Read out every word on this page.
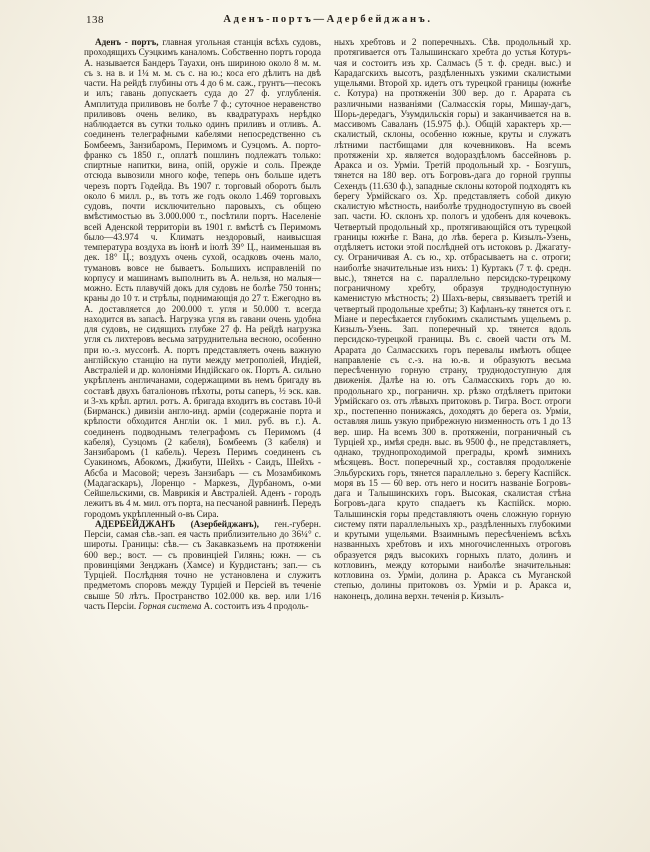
138	Аденъ-портъ—Адербейджанъ.

Аденъ - портъ, главная угольная станція всѣхъ судовъ, проходящихъ Суэцкимъ каналомъ. Собственно портъ города А. называется Бандеръ Тауахи, онъ шириною около 8 м. м. съ з. на в. и 1¼ м. м. съ с. на ю.; коса его дѣлитъ на двѣ части. На рейдѣ глубины отъ 4 до 6 м. саж., грунтъ—песокъ и илъ; гавань допускаетъ суда до 27 ф. углубленія. Амплитуда приливовъ не болѣе 7 ф.; суточное неравенство приливовъ очень велико, въ квадратурахъ нерѣдко наблюдается въ сутки только одинъ приливъ и отливъ. А. соединенъ телеграфными кабелями непосредственно съ Бомбеемъ, Занзибаромъ, Перимомъ и Суэцомъ. А. порто-франко съ 1850 г., оплатѣ пошлинъ подлежатъ только: спиртные напитки, вина, опій, оружіе и соль. Прежде отсюда вывозили много кофе, теперь онъ больше идетъ черезъ портъ Годейда. Въ 1907 г. торговый оборотъ былъ около 6 милл. р., въ тотъ же годъ около 1.469 торговыхъ судовъ, почти исключительно паровыхъ, съ общею вмѣстимостью въ 3.000.000 т., посѣтили портъ. Населеніе всей Аденской территоріи въ 1901 г. вмѣстѣ съ Перимомъ было—43.974 ч. Климатъ нездоровый, наивысшая температура воздуха въ іюнѣ и іюлѣ 39° Ц., наименьшая въ дек. 18° Ц.; воздухъ очень сухой, осадковъ очень мало, тумановъ вовсе не бываетъ. Большихъ исправленій по корпусу и машинамъ выполнить въ А. нельзя, но малыя—можно. Есть плавучій докъ для судовъ не болѣе 750 тоннъ; краны до 10 т. и стрѣлы, поднимающія до 27 т. Ежегодно въ А. доставляется до 200.000 т. угля и 50.000 т. всегда находится въ запасѣ. Нагрузка угля въ гавани очень удобна для судовъ, не сидящихъ глубже 27 ф. На рейдѣ нагрузка угля съ лихтеровъ весьма затруднительна весною, особенно при ю.-з. муссонѣ. А. портъ представляетъ очень важную англійскую станцію на пути между метрополіей, Индіей, Австраліей и др. колоніями Индійскаго ок. Портъ А. сильно укрѣпленъ англичанами, содержащими въ немъ бригаду въ составѣ двухъ баталіоновъ пѣхоты, роты саперъ, ½ эск. кав. и 3-хъ крѣп. артил. ротъ. А. бригада входитъ въ составъ 10-й (Бирманск.) дивизіи англо-инд. арміи (содержаніе порта и крѣпости обходится Англіи ок. 1 мил. руб. въ г.). А. соединенъ подводнымъ телеграфомъ съ Перимомъ (4 кабеля), Суэцомъ (2 кабеля), Бомбеемъ (3 кабеля) и Занзибаромъ (1 кабель). Черезъ Перимъ соединенъ съ Суакиномъ, Абокомъ, Джибути, Шейхъ - Саидъ, Шейхъ - Абсба и Масовой; черезъ Занзибаръ — съ Мозамбикомъ (Мадагаскаръ), Лоренцо - Маркезъ, Дурбаномъ, о-ми Сейшельскими, св. Маврикія и Австраліей. Аденъ - городъ лежитъ въ 4 м. мил. отъ порта, на песчаной равнинѣ. Передъ городомъ укрѣпленный о-въ Сира.

АДЕРБЕЙДЖАНЪ (Азербейджанъ), ген.-губерн. Персіи, самая сѣв.-зап. ея часть приблизительно до 36¼° с. широты. Границы: сѣв.— съ Закавказьемъ на протяженіи 600 вер.; вост. — съ провинціей Гилянь; южн. — съ провинціями Зенджанъ (Хамсе) и Курдистанъ; зап.— съ Турціей. Послѣдняя точно не установлена и служитъ предметомъ споровъ между Турціей и Персіей въ теченіе свыше 50 лѣтъ. Пространство 102.000 кв. вер. или 1/16 часть Персіи. Горная система А. состоитъ изъ 4 продоль-

ныхъ хребтовъ и 2 поперечныхъ. Сѣв. продольный хр. протягивается отъ Талышинскаго хребта до устья Котуръ-чая и состоитъ изъ хр. Салмасъ (5 т. ф. средн. выс.) и Карадагскихъ высотъ, раздѣленныхъ узкими скалистыми ущельями. Второй хр. идетъ отъ турецкой границы (южнѣе с. Котура) на протяженіи 300 вер. до г. Арарата съ различными названіями (Салмасскія горы, Мишау-дагъ, Шорь-дередагъ, Узумдильскія горы) и заканчивается на в. массивомъ Саваланъ (15.975 ф.). Общій характеръ хр.— скалистый, склоны, особенно южные, круты и служатъ лѣтними пастбищами для кочевниковъ. На всемъ протяженіи хр. является водораздѣломъ бассейновъ р. Аракса и оз. Урміи. Третій продольный хр. - Бозгушъ, тянется на 180 вер. отъ Богровъ-дага до горной группы Сехендъ (11.630 ф.), западные склоны которой подходятъ къ берегу Урмійскаго оз. Хр. представляетъ собой дикую скалистую мѣстность, наиболѣе труднодоступную въ своей зап. части. Ю. склонъ хр. пологъ и удобенъ для кочевокъ. Четвертый продольный хр., протягивающійся отъ турецкой границы южнѣе г. Вана, до лѣв. берега р. Кизылъ-Узень, отдѣляетъ истоки этой послѣдней отъ истоковъ р. Джагату-су. Ограничивая А. съ ю., хр. отбрасываетъ на с. отроги; наиболѣе значительные изъ нихъ: 1) Куртакъ (7 т. ф. средн. выс.), тянется на с. параллельно персидско-турецкому пограничному хребту, образуя труднодоступную каменистую мѣстность; 2) Шахъ-веры, связываетъ третій и четвертый продольные хребты; 3) Кафланъ-ку тянется отъ г. Міане и пересѣкается глубокимъ скалистымъ ущельемъ р. Кизылъ-Узень. Зап. поперечный хр. тянется вдоль персидско-турецкой границы. Въ с. своей части отъ М. Арарата до Салмасскихъ горъ перевалы имѣютъ общее направленіе съ с.-з. на ю.-в. и образуютъ весьма пересѣченную горную страну, труднодоступную для движенія. Далѣе на ю. отъ Салмасскихъ горъ до ю. продольнаго хр., пограничн. хр. рѣзко отдѣляетъ притоки Урмійскаго оз. отъ лѣвыхъ притоковъ р. Тигра. Вост. отроги хр., постепенно понижаясь, доходятъ до берега оз. Урміи, оставляя лишь узкую прибрежную низменность отъ 1 до 13 вер. шир. На всемъ 300 в. протяженіи, пограничный съ Турціей хр., имѣя средн. выс. въ 9500 ф., не представляетъ, однако, труднопроходимой преграды, кромѣ зимнихъ мѣсяцевъ. Вост. поперечный хр., составляя продолженіе Эльбурскихъ горъ, тянется параллельно з. берегу Каспійск. моря въ 15 — 60 вер. отъ него и носитъ названіе Богровъ-дага и Талышинскихъ горъ. Высокая, скалистая стѣна Богровъ-дага круто спадаетъ къ Каспійск. морю. Талышинскія горы представляютъ очень сложную горную систему пяти параллельныхъ хр., раздѣленныхъ глубокими и крутыми ущельями. Взаимнымъ пересѣченіемъ всѣхъ названныхъ хребтовъ и ихъ многочисленныхъ отроговъ образуется рядъ высокихъ горныхъ плато, долинъ и котловинъ, между которыми наиболѣе значительныя: котловина оз. Урміи, долина р. Аракса съ Муганской степью, долины притоковъ оз. Урміи и р. Аракса и, наконецъ, долина верхн. теченія р. Кизылъ-
